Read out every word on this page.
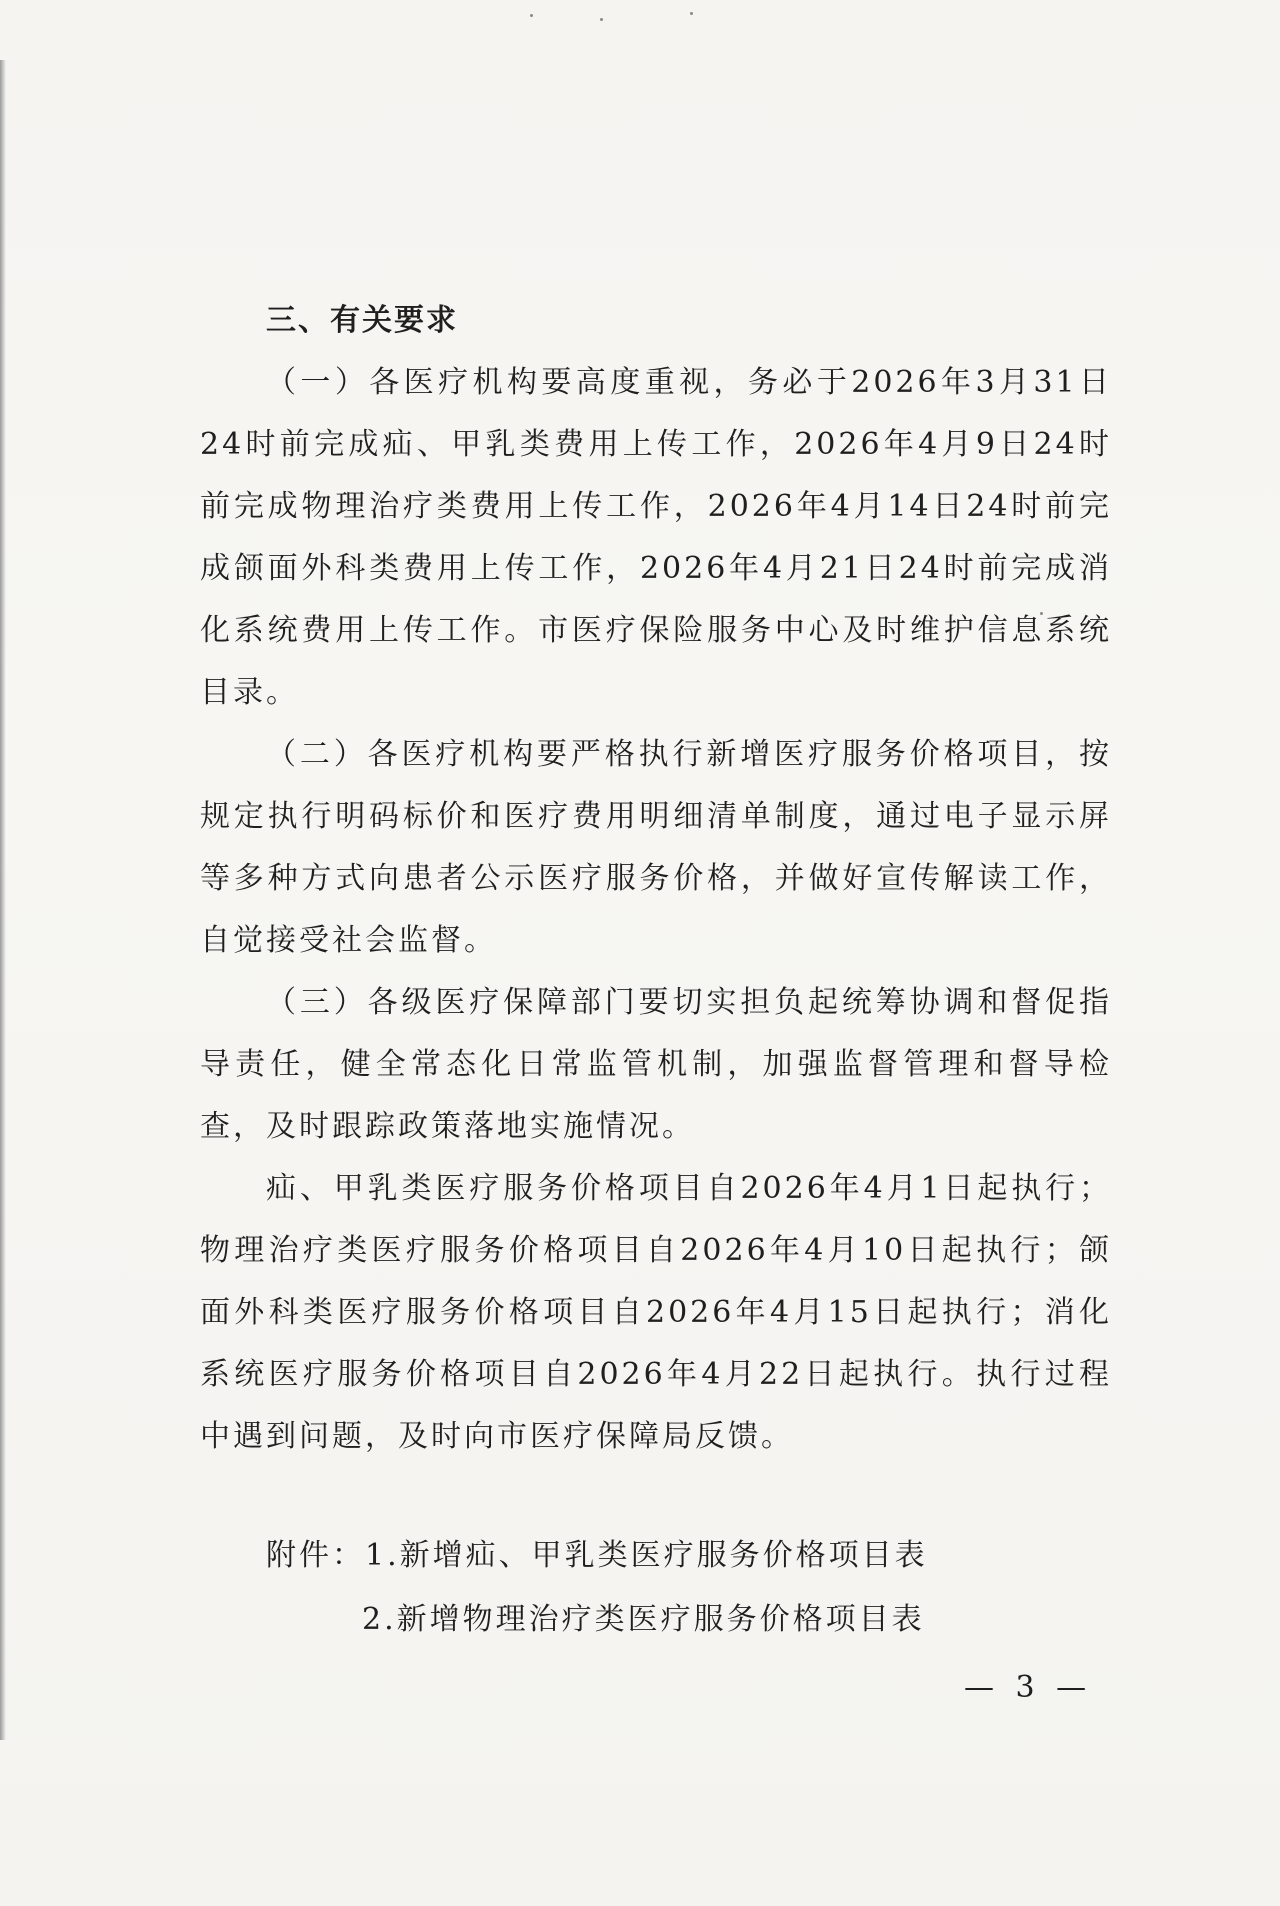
三、有关要求

（一）各医疗机构要高度重视，务必于2026年3月31日24时前完成疝、甲乳类费用上传工作，2026年4月9日24时前完成物理治疗类费用上传工作，2026年4月14日24时前完成颌面外科类费用上传工作，2026年4月21日24时前完成消化系统费用上传工作。市医疗保险服务中心及时维护信息系统目录。

（二）各医疗机构要严格执行新增医疗服务价格项目，按规定执行明码标价和医疗费用明细清单制度，通过电子显示屏等多种方式向患者公示医疗服务价格，并做好宣传解读工作，自觉接受社会监督。

（三）各级医疗保障部门要切实担负起统筹协调和督促指导责任，健全常态化日常监管机制，加强监督管理和督导检查，及时跟踪政策落地实施情况。

疝、甲乳类医疗服务价格项目自2026年4月1日起执行；物理治疗类医疗服务价格项目自2026年4月10日起执行；颌面外科类医疗服务价格项目自2026年4月15日起执行；消化系统医疗服务价格项目自2026年4月22日起执行。执行过程中遇到问题，及时向市医疗保障局反馈。

附件： 1.新增疝、甲乳类医疗服务价格项目表
2.新增物理治疗类医疗服务价格项目表
— 3 —
